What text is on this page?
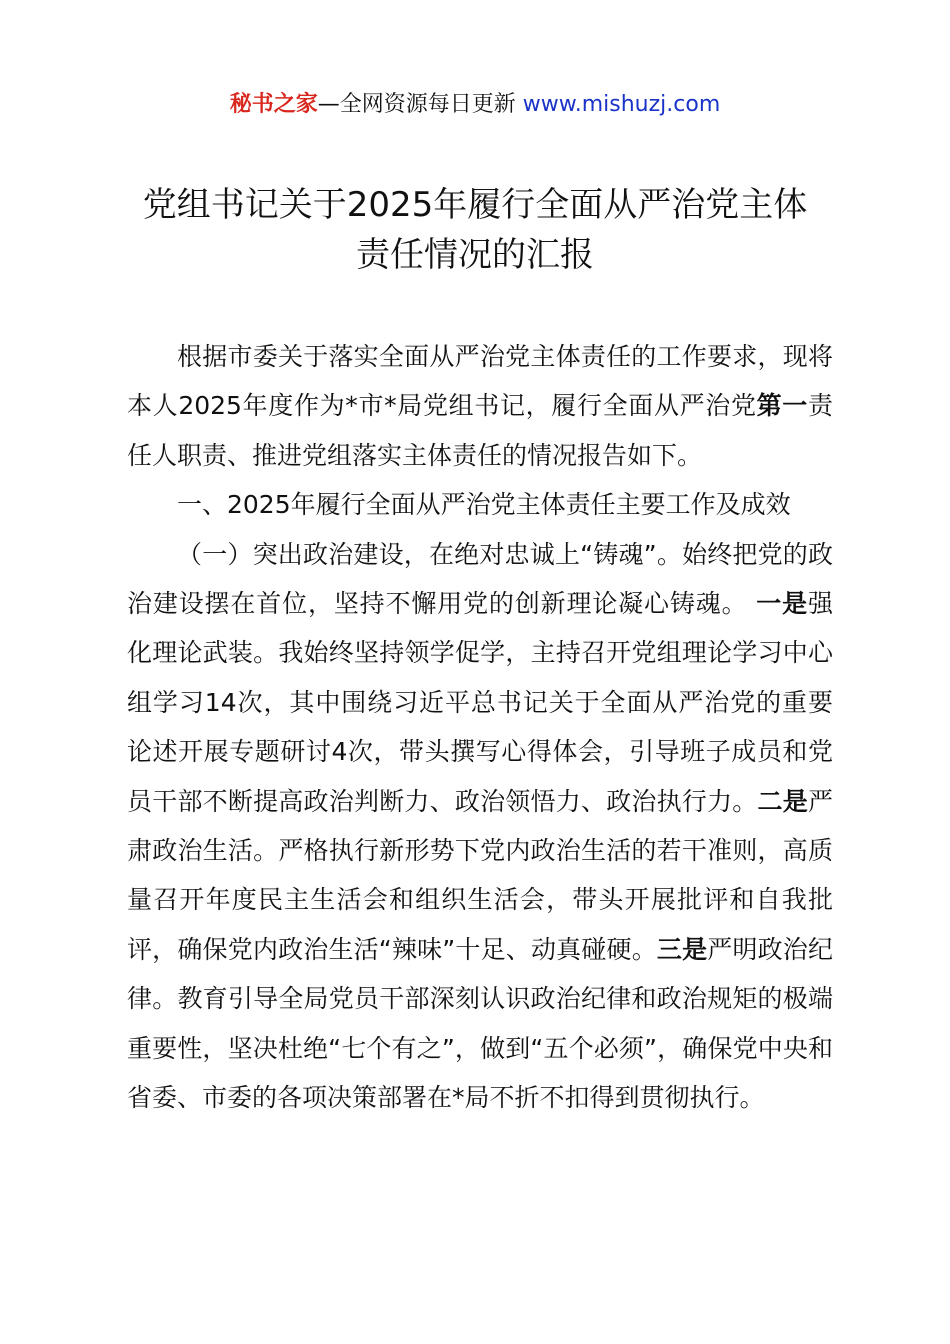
秘书之家—全网资源每日更新 www.mishuzj.com
党组书记关于2025年履行全面从严治党主体
责任情况的汇报

根据市委关于落实全面从严治党主体责任的工作要求，现将本人2025年度作为*市*局党组书记，履行全面从严治党第一责任人职责、推进党组落实主体责任的情况报告如下。

一、2025年履行全面从严治党主体责任主要工作及成效

（一）突出政治建设，在绝对忠诚上“铸魂”。始终把党的政治建设摆在首位，坚持不懈用党的创新理论凝心铸魂。 一是强化理论武装。我始终坚持领学促学，主持召开党组理论学习中心组学习14次，其中围绕习近平总书记关于全面从严治党的重要论述开展专题研讨4次，带头撰写心得体会，引导班子成员和党员干部不断提高政治判断力、政治领悟力、政治执行力。二是严肃政治生活。严格执行新形势下党内政治生活的若干准则，高质量召开年度民主生活会和组织生活会，带头开展批评和自我批评，确保党内政治生活“辣味”十足、动真碰硬。三是严明政治纪律。教育引导全局党员干部深刻认识政治纪律和政治规矩的极端重要性，坚决杜绝“七个有之”，做到“五个必须”，确保党中央和省委、市委的各项决策部署在*局不折不扣得到贯彻执行。
